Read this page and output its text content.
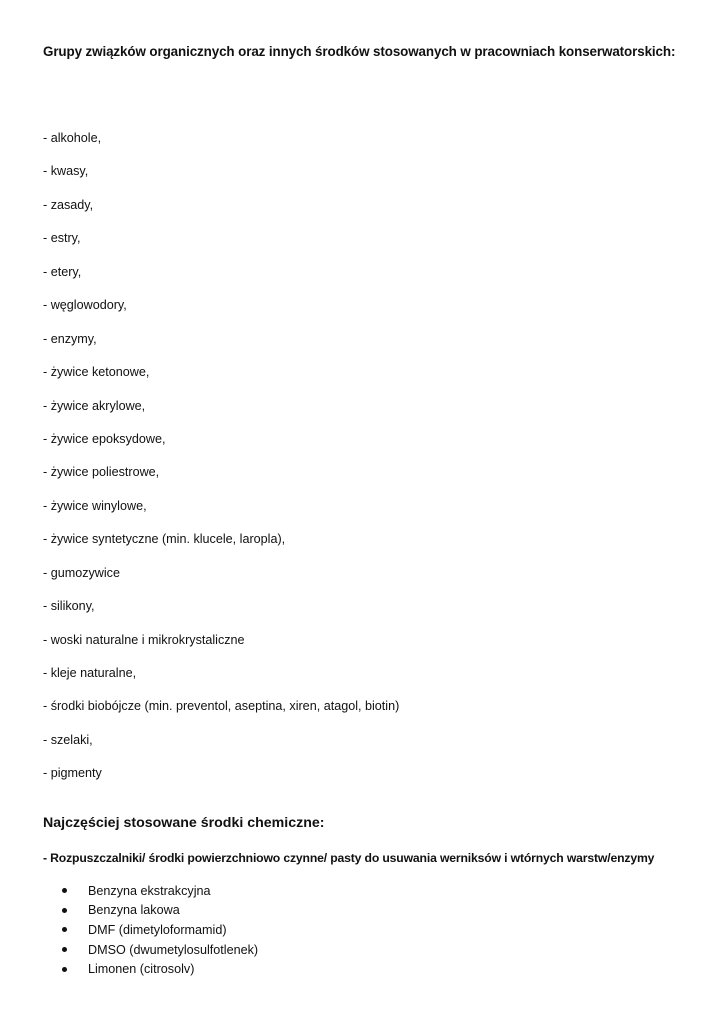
Grupy związków organicznych oraz innych środków stosowanych w pracowniach konserwatorskich:
- alkohole,
- kwasy,
- zasady,
- estry,
- etery,
- węglowodory,
- enzymy,
- żywice ketonowe,
- żywice akrylowe,
- żywice epoksydowe,
- żywice poliestrowe,
- żywice winylowe,
- żywice syntetyczne (min. klucele, laropla),
- gumozywice
- silikony,
- woski naturalne i mikrokrystaliczne
- kleje naturalne,
- środki biobójcze (min. preventol, aseptina, xiren, atagol, biotin)
- szelaki,
- pigmenty
Najczęściej stosowane środki chemiczne:
- Rozpuszczalniki/ środki powierzchniowo czynne/ pasty do usuwania werniksów i wtórnych warstw/enzymy
Benzyna ekstrakcyjna
Benzyna lakowa
DMF (dimetyloformamid)
DMSO (dwumetylosulfotlenek)
Limonen (citrosolv)
